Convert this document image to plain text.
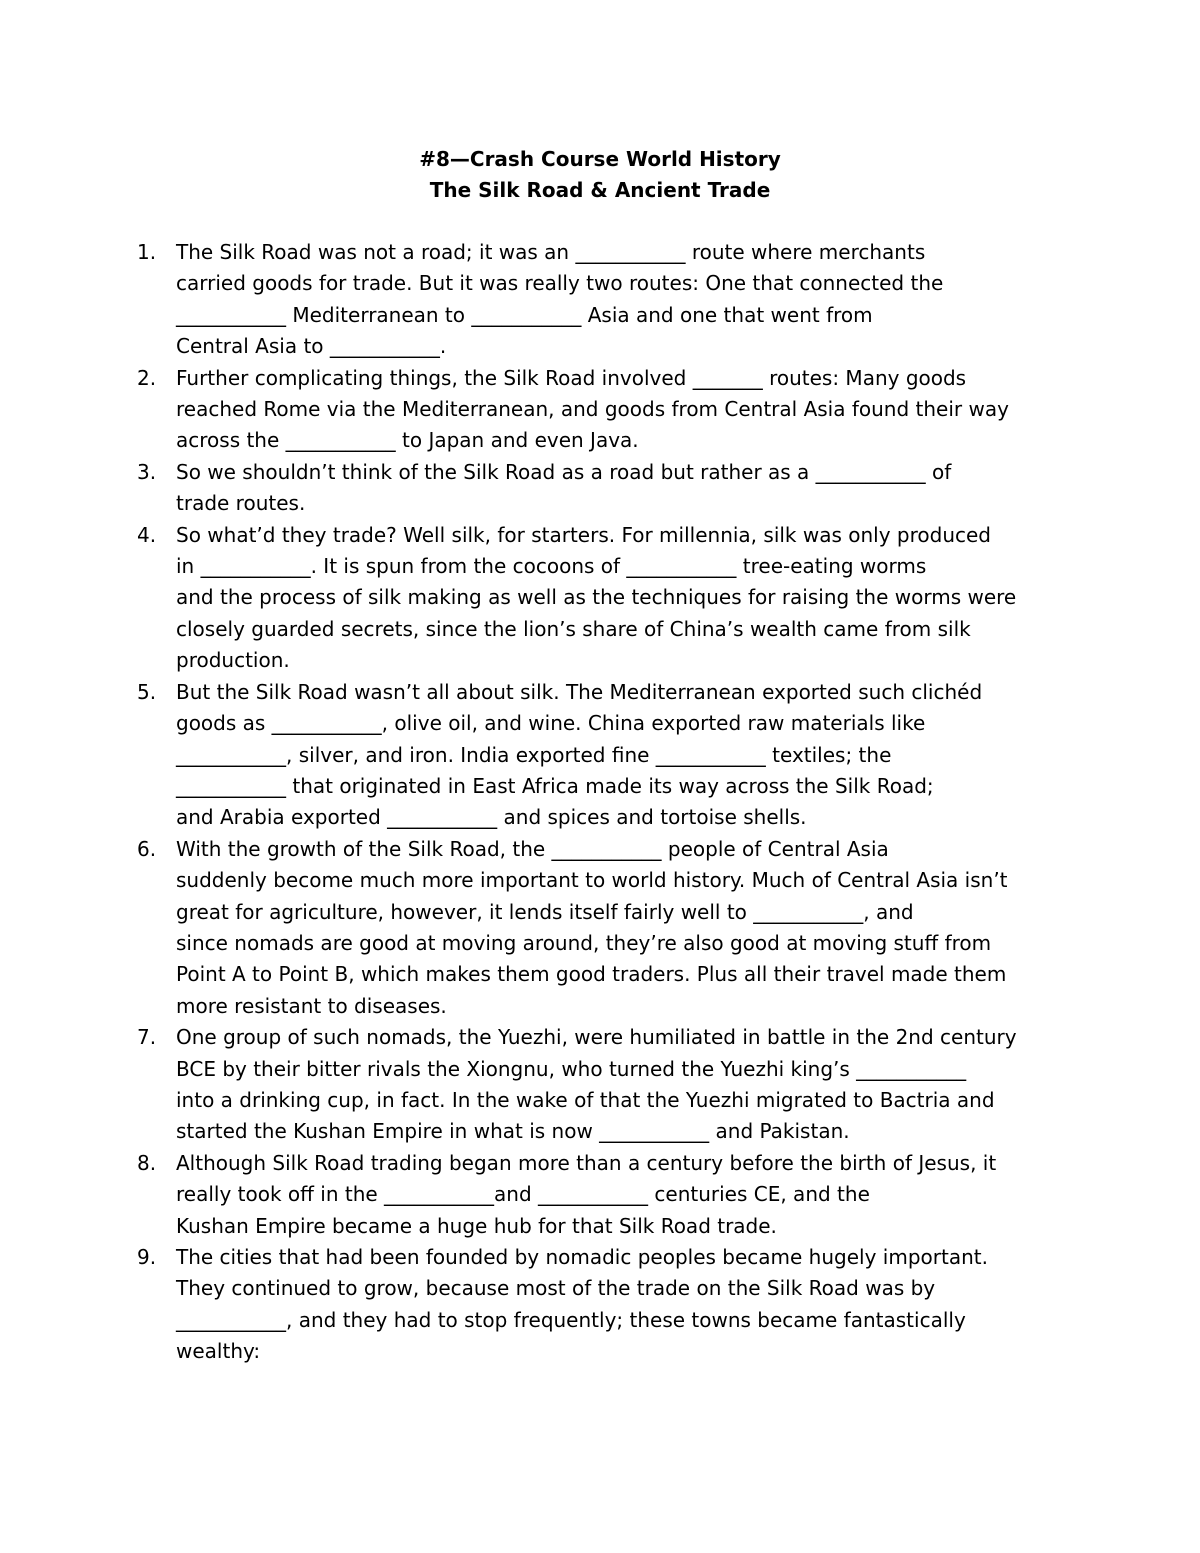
#8—Crash Course World History
The Silk Road & Ancient Trade
1. The Silk Road was not a road; it was an ___________ route where merchants
carried goods for trade. But it was really two routes: One that connected the
___________ Mediterranean to ___________ Asia and one that went from
Central Asia to ___________.
2. Further complicating things, the Silk Road involved _______ routes: Many goods
reached Rome via the Mediterranean, and goods from Central Asia found their way
across the ___________ to Japan and even Java.
3. So we shouldn’t think of the Silk Road as a road but rather as a ___________ of
trade routes.
4. So what’d they trade? Well silk, for starters. For millennia, silk was only produced
in ___________. It is spun from the cocoons of ___________ tree-eating worms
and the process of silk making as well as the techniques for raising the worms were
closely guarded secrets, since the lion’s share of China’s wealth came from silk
production.
5. But the Silk Road wasn’t all about silk. The Mediterranean exported such clichéd
goods as ___________, olive oil, and wine. China exported raw materials like
___________, silver, and iron. India exported fine ___________ textiles; the
___________ that originated in East Africa made its way across the Silk Road;
and Arabia exported ___________ and spices and tortoise shells.
6. With the growth of the Silk Road, the ___________ people of Central Asia
suddenly become much more important to world history. Much of Central Asia isn’t
great for agriculture, however, it lends itself fairly well to ___________, and
since nomads are good at moving around, they’re also good at moving stuff from
Point A to Point B, which makes them good traders. Plus all their travel made them
more resistant to diseases.
7. One group of such nomads, the Yuezhi, were humiliated in battle in the 2nd century
BCE by their bitter rivals the Xiongnu, who turned the Yuezhi king’s ___________
into a drinking cup, in fact. In the wake of that the Yuezhi migrated to Bactria and
started the Kushan Empire in what is now ___________ and Pakistan.
8. Although Silk Road trading began more than a century before the birth of Jesus, it
really took off in the ___________and ___________ centuries CE, and the
Kushan Empire became a huge hub for that Silk Road trade.
9. The cities that had been founded by nomadic peoples became hugely important.
They continued to grow, because most of the trade on the Silk Road was by
___________, and they had to stop frequently; these towns became fantastically
wealthy:
